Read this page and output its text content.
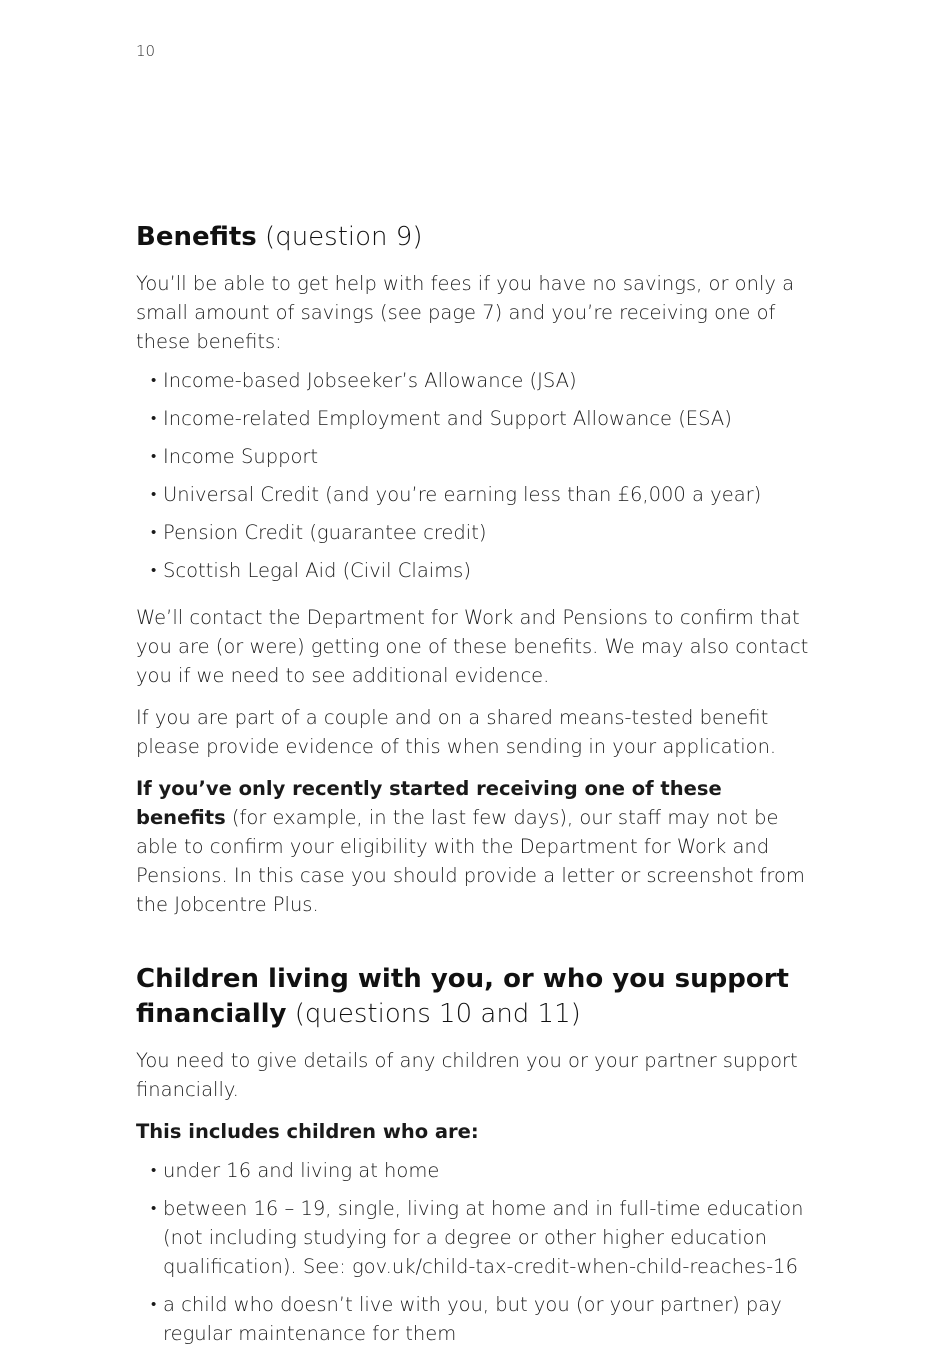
10
Benefits (question 9)

You’ll be able to get help with fees if you have no savings, or only a small amount of savings (see page 7) and you’re receiving one of these benefits:

• Income-based Jobseeker’s Allowance (JSA)
• Income-related Employment and Support Allowance (ESA)
• Income Support
• Universal Credit (and you’re earning less than £6,000 a year)
• Pension Credit (guarantee credit)
• Scottish Legal Aid (Civil Claims)

We’ll contact the Department for Work and Pensions to confirm that you are (or were) getting one of these benefits. We may also contact you if we need to see additional evidence.

If you are part of a couple and on a shared means-tested benefit please provide evidence of this when sending in your application.

If you’ve only recently started receiving one of these benefits (for example, in the last few days), our staff may not be able to confirm your eligibility with the Department for Work and Pensions. In this case you should provide a letter or screenshot from the Jobcentre Plus.

Children living with you, or who you support financially (questions 10 and 11)

You need to give details of any children you or your partner support financially.

This includes children who are:

• under 16 and living at home
• between 16 – 19, single, living at home and in full-time education (not including studying for a degree or other higher education qualification). See: gov.uk/child-tax-credit-when-child-reaches-16
• a child who doesn’t live with you, but you (or your partner) pay regular maintenance for them
